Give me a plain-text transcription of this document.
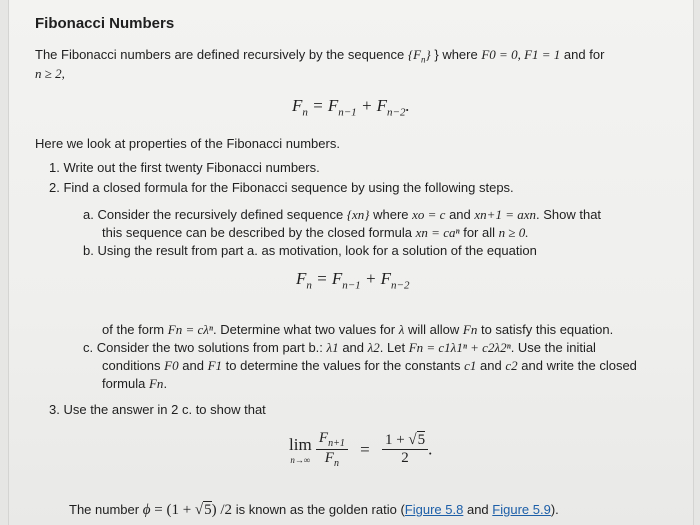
Fibonacci Numbers
The Fibonacci numbers are defined recursively by the sequence $\{F_n\}$ } where F0 = 0, F1 = 1 and for
n ≥ 2,
$F_n = F_{n-1} + F_{n-2}$.
Here we look at properties of the Fibonacci numbers.
1. Write out the first twenty Fibonacci numbers.
2. Find a closed formula for the Fibonacci sequence by using the following steps.
a. Consider the recursively defined sequence {xn} where xo = c and xn+1 = axn. Show that
this sequence can be described by the closed formula xn = caⁿ for all n ≥ 0.
b. Using the result from part a. as motivation, look for a solution of the equation
$F_n = F_{n-1} + F_{n-2}$
of the form Fn = cλⁿ. Determine what two values for λ will allow Fn to satisfy this equation.
c. Consider the two solutions from part b.: λ1 and λ2. Let Fn = c1λ1ⁿ + c2λ2ⁿ. Use the initial
conditions F0 and F1 to determine the values for the constants c1 and c2 and write the closed
formula Fn.
3. Use the answer in 2 c. to show that
lim
n→∞
$\frac{F_{n+1}}{F_n} = \frac{1 + √5}{2}$ .
The number ϕ = (1 + √5) /2 is known as the golden ratio (Figure 5.8 and Figure 5.9).
